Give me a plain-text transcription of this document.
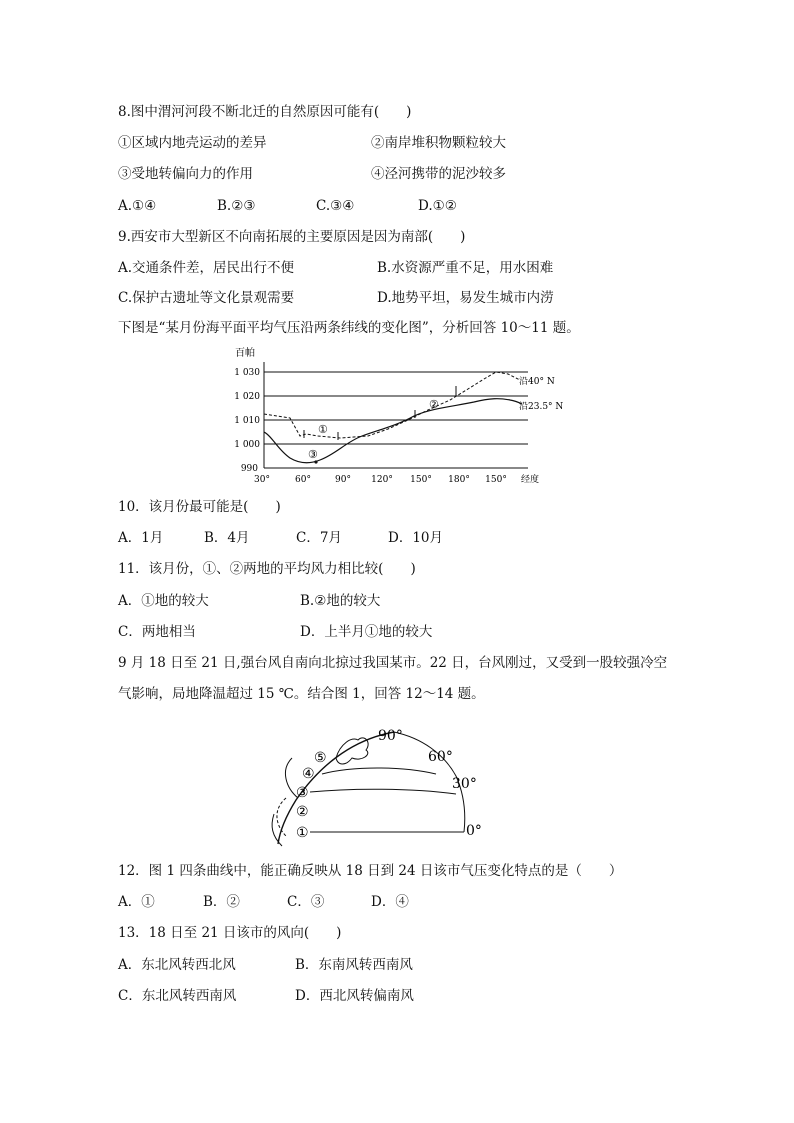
8.图中渭河河段不断北迁的自然原因可能有(　　)
①区域内地壳运动的差异	②南岸堆积物颗粒较大
③受地转偏向力的作用	④泾河携带的泥沙较多
A.①④	B.②③	C.③④	D.①②
9.西安市大型新区不向南拓展的主要原因是因为南部(　　)
A.交通条件差，居民出行不便	B.水资源严重不足，用水困难
C.保护古遗址等文化景观需要	D.地势平坦，易发生城市内涝
下图是“某月份海平面平均气压沿两条纬线的变化图”，分析回答 10～11 题。
百帕
1 030
1 020
1 010
1 000
990
30°	60°	90° 120° 150° 180° 150° 经度
①
②
③
沿40° N
沿23.5° N
10．该月份最可能是(　　)
A．1月	B．4月	C．7月	D．10月
11．该月份，①、②两地的平均风力相比较(　　)
A．①地的较大	B.②地的较大
C．两地相当	D．上半月①地的较大
9 月 18 日至 21 日,强台风自南向北掠过我国某市。22 日，台风刚过，又受到一股较强冷空
气影响，局地降温超过 15 ℃。结合图 1，回答 12～14 题。
⑤
④
③
②
①
90°
60°
30°
0°
12．图 1 四条曲线中，能正确反映从 18 日到 24 日该市气压变化特点的是（　　）
A．①	B．②	C．③	D．④
13．18 日至 21 日该市的风向(　　)
A．东北风转西北风	B．东南风转西南风
C．东北风转西南风	D．西北风转偏南风
